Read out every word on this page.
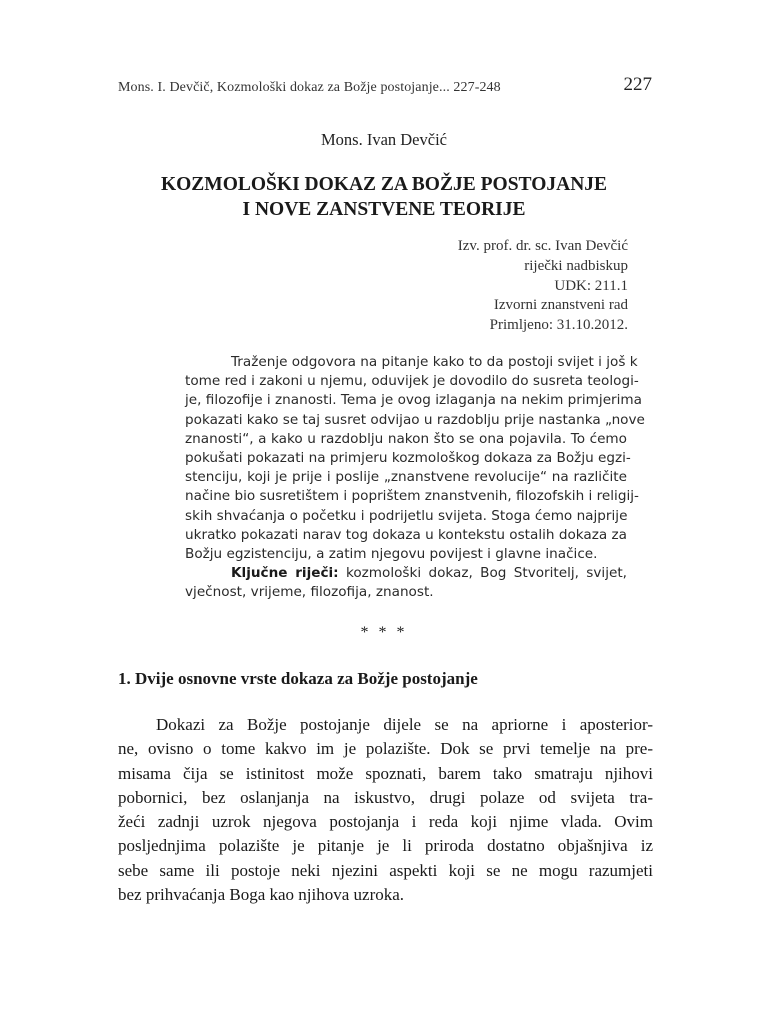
Mons. I. Devčič, Kozmološki dokaz za Božje postojanje... 227-248	227
Mons. Ivan Devčić
KOZMOLOŠKI DOKAZ ZA BOŽJE POSTOJANJE
I NOVE ZANSTVENE TEORIJE
Izv. prof. dr. sc. Ivan Devčić
riječki nadbiskup
UDK: 211.1
Izvorni znanstveni rad
Primljeno: 31.10.2012.
Traženje odgovora na pitanje kako to da postoji svijet i još k
tome red i zakoni u njemu, oduvijek je dovodilo do susreta teologi-
je, filozofije i znanosti. Tema je ovog izlaganja na nekim primjerima
pokazati kako se taj susret odvijao u razdoblju prije nastanka „nove
znanosti“, a kako u razdoblju nakon što se ona pojavila. To ćemo
pokušati pokazati na primjeru kozmološkog dokaza za Božju egzi-
stenciju, koji je prije i poslije „znanstvene revolucije“ na različite
načine bio susretištem i poprištem znanstvenih, filozofskih i religij-
skih shvaćanja o početku i podrijetlu svijeta. Stoga ćemo najprije
ukratko pokazati narav tog dokaza u kontekstu ostalih dokaza za
Božju egzistenciju, a zatim njegovu povijest i glavne inačice.
Ključne riječi: kozmološki dokaz, Bog Stvoritelj, svijet,
vječnost, vrijeme, filozofija, znanost.
* * *
1. Dvije osnovne vrste dokaza za Božje postojanje
Dokazi za Božje postojanje dijele se na apriorne i aposterior-
ne, ovisno o tome kakvo im je polazište. Dok se prvi temelje na pre-
misama čija se istinitost može spoznati, barem tako smatraju njihovi
pobornici, bez oslanjanja na iskustvo, drugi polaze od svijeta tra-
žeći zadnji uzrok njegova postojanja i reda koji njime vlada. Ovim
posljednjima polazište je pitanje je li priroda dostatno objašnjiva iz
sebe same ili postoje neki njezini aspekti koji se ne mogu razumjeti
bez prihvaćanja Boga kao njihova uzroka.
